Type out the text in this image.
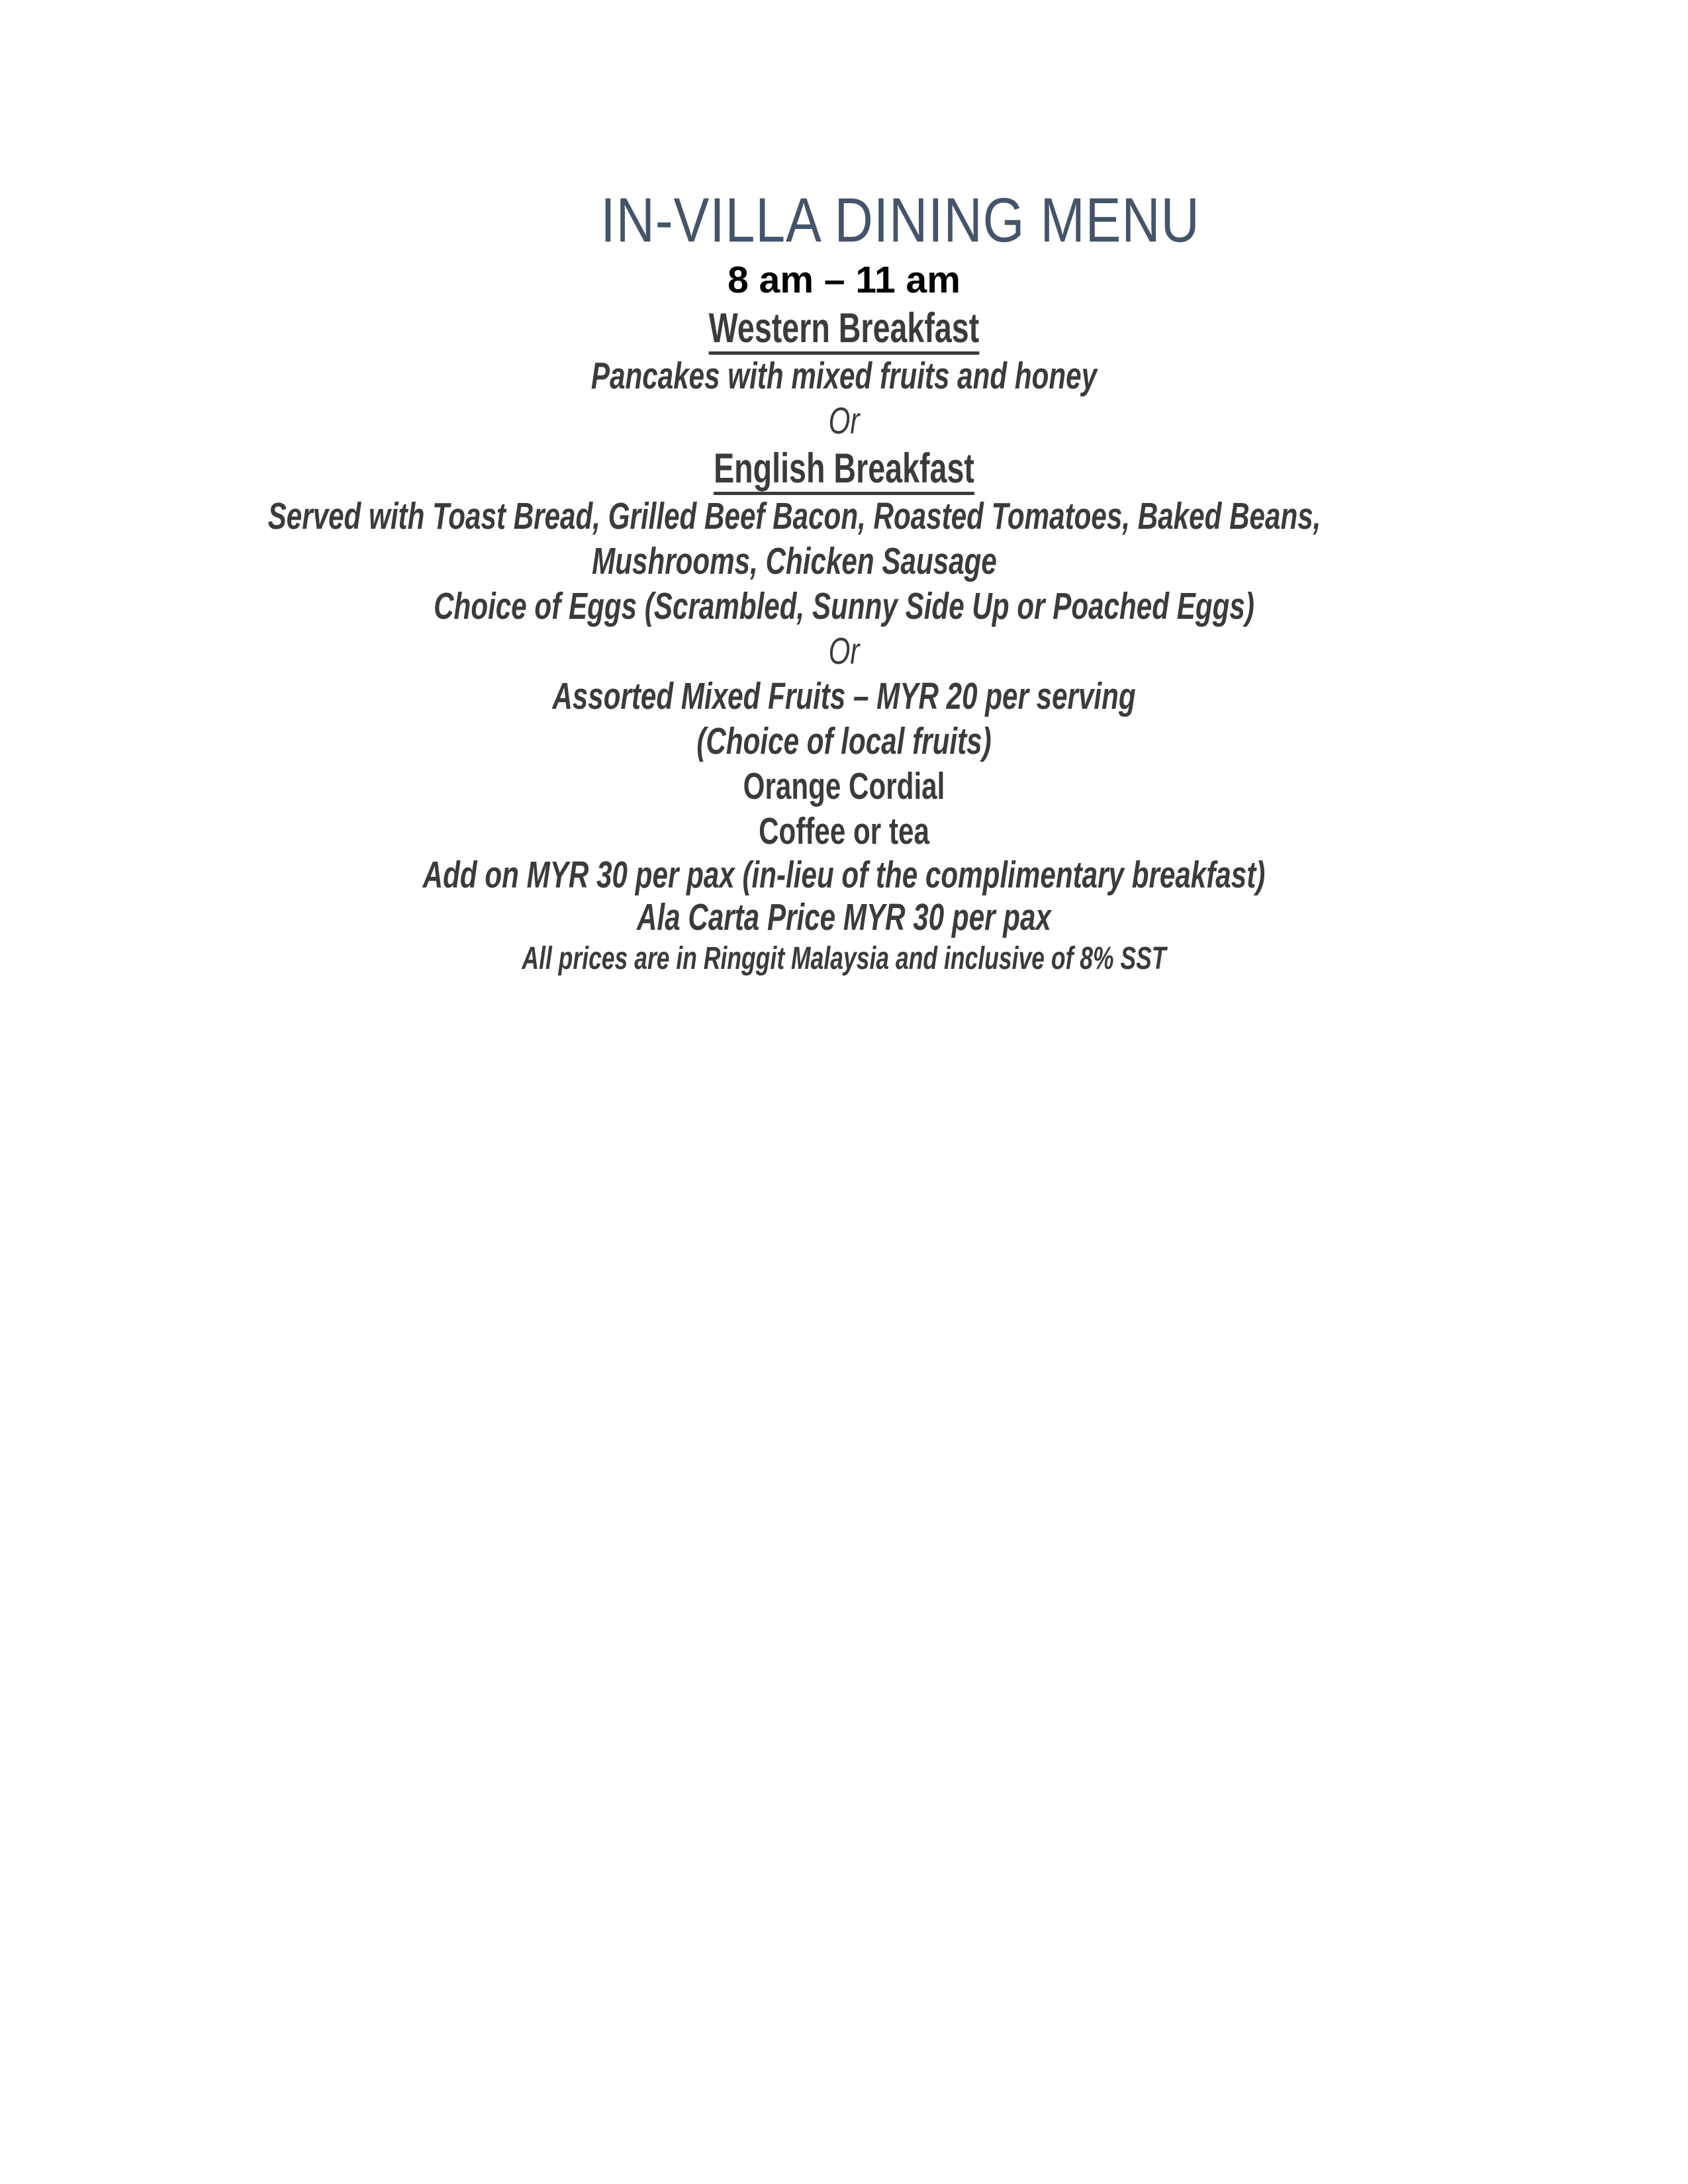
IN-VILLA DINING MENU

8 am – 11 am

Western Breakfast

Pancakes with mixed fruits and honey

Or

English Breakfast

Served with Toast Bread, Grilled Beef Bacon, Roasted Tomatoes, Baked Beans, Mushrooms, Chicken Sausage

Choice of Eggs (Scrambled, Sunny Side Up or Poached Eggs)

Or

Assorted Mixed Fruits – MYR 20 per serving

(Choice of local fruits)

Orange Cordial

Coffee or tea

Add on MYR 30 per pax (in-lieu of the complimentary breakfast)

Ala Carta Price MYR 30 per pax

All prices are in Ringgit Malaysia and inclusive of 8% SST
